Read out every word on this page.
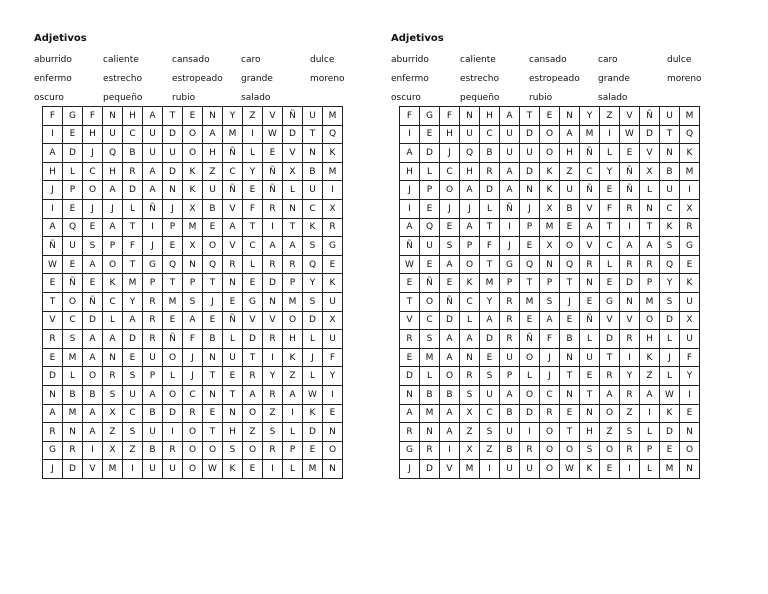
Adjetivos
aburrido	caliente	cansado	caro	dulce
enfermo	estrecho	estropeado	grande	moreno
oscuro	pequeño	rubio	salado
F	G	F	N	H	A	T	E	N	Y	Z	V	Ñ	U	M
I	E	H	U	C	U	D	O	A	M	I	W	D	T	Q
A	D	J	Q	B	U	U	O	H	Ñ	L	E	V	N	K
H	L	C	H	R	A	D	K	Z	C	Y	Ñ	X	B	M
J	P	O	A	D	A	N	K	U	Ñ	E	Ñ	L	U	I
I	E	J	J	L	Ñ	J	X	B	V	F	R	N	C	X
A	Q	E	A	T	I	P	M	E	A	T	I	T	K	R
Ñ	U	S	P	F	J	E	X	O	V	C	A	A	S	G
W	E	A	O	T	G	Q	N	Q	R	L	R	R	Q	E
E	Ñ	E	K	M	P	T	P	T	N	E	D	P	Y	K
T	O	Ñ	C	Y	R	M	S	J	E	G	N	M	S	U
V	C	D	L	A	R	E	A	E	Ñ	V	V	O	D	X
R	S	A	A	D	R	Ñ	F	B	L	D	R	H	L	U
E	M	A	N	E	U	O	J	N	U	T	I	K	J	F
D	L	O	R	S	P	L	J	T	E	R	Y	Z	L	Y
N	B	B	S	U	A	O	C	N	T	A	R	A	W	I
A	M	A	X	C	B	D	R	E	N	O	Z	I	K	E
R	N	A	Z	S	U	I	O	T	H	Z	S	L	D	N
G	R	I	X	Z	B	R	O	O	S	O	R	P	E	O
J	D	V	M	I	U	U	O	W	K	E	I	L	M	N
Adjetivos
aburrido	caliente	cansado	caro	dulce
enfermo	estrecho	estropeado	grande	moreno
oscuro	pequeño	rubio	salado
F	G	F	N	H	A	T	E	N	Y	Z	V	Ñ	U	M
I	E	H	U	C	U	D	O	A	M	I	W	D	T	Q
A	D	J	Q	B	U	U	O	H	Ñ	L	E	V	N	K
H	L	C	H	R	A	D	K	Z	C	Y	Ñ	X	B	M
J	P	O	A	D	A	N	K	U	Ñ	E	Ñ	L	U	I
I	E	J	J	L	Ñ	J	X	B	V	F	R	N	C	X
A	Q	E	A	T	I	P	M	E	A	T	I	T	K	R
Ñ	U	S	P	F	J	E	X	O	V	C	A	A	S	G
W	E	A	O	T	G	Q	N	Q	R	L	R	R	Q	E
E	Ñ	E	K	M	P	T	P	T	N	E	D	P	Y	K
T	O	Ñ	C	Y	R	M	S	J	E	G	N	M	S	U
V	C	D	L	A	R	E	A	E	Ñ	V	V	O	D	X
R	S	A	A	D	R	Ñ	F	B	L	D	R	H	L	U
E	M	A	N	E	U	O	J	N	U	T	I	K	J	F
D	L	O	R	S	P	L	J	T	E	R	Y	Z	L	Y
N	B	B	S	U	A	O	C	N	T	A	R	A	W	I
A	M	A	X	C	B	D	R	E	N	O	Z	I	K	E
R	N	A	Z	S	U	I	O	T	H	Z	S	L	D	N
G	R	I	X	Z	B	R	O	O	S	O	R	P	E	O
J	D	V	M	I	U	U	O	W	K	E	I	L	M	N
